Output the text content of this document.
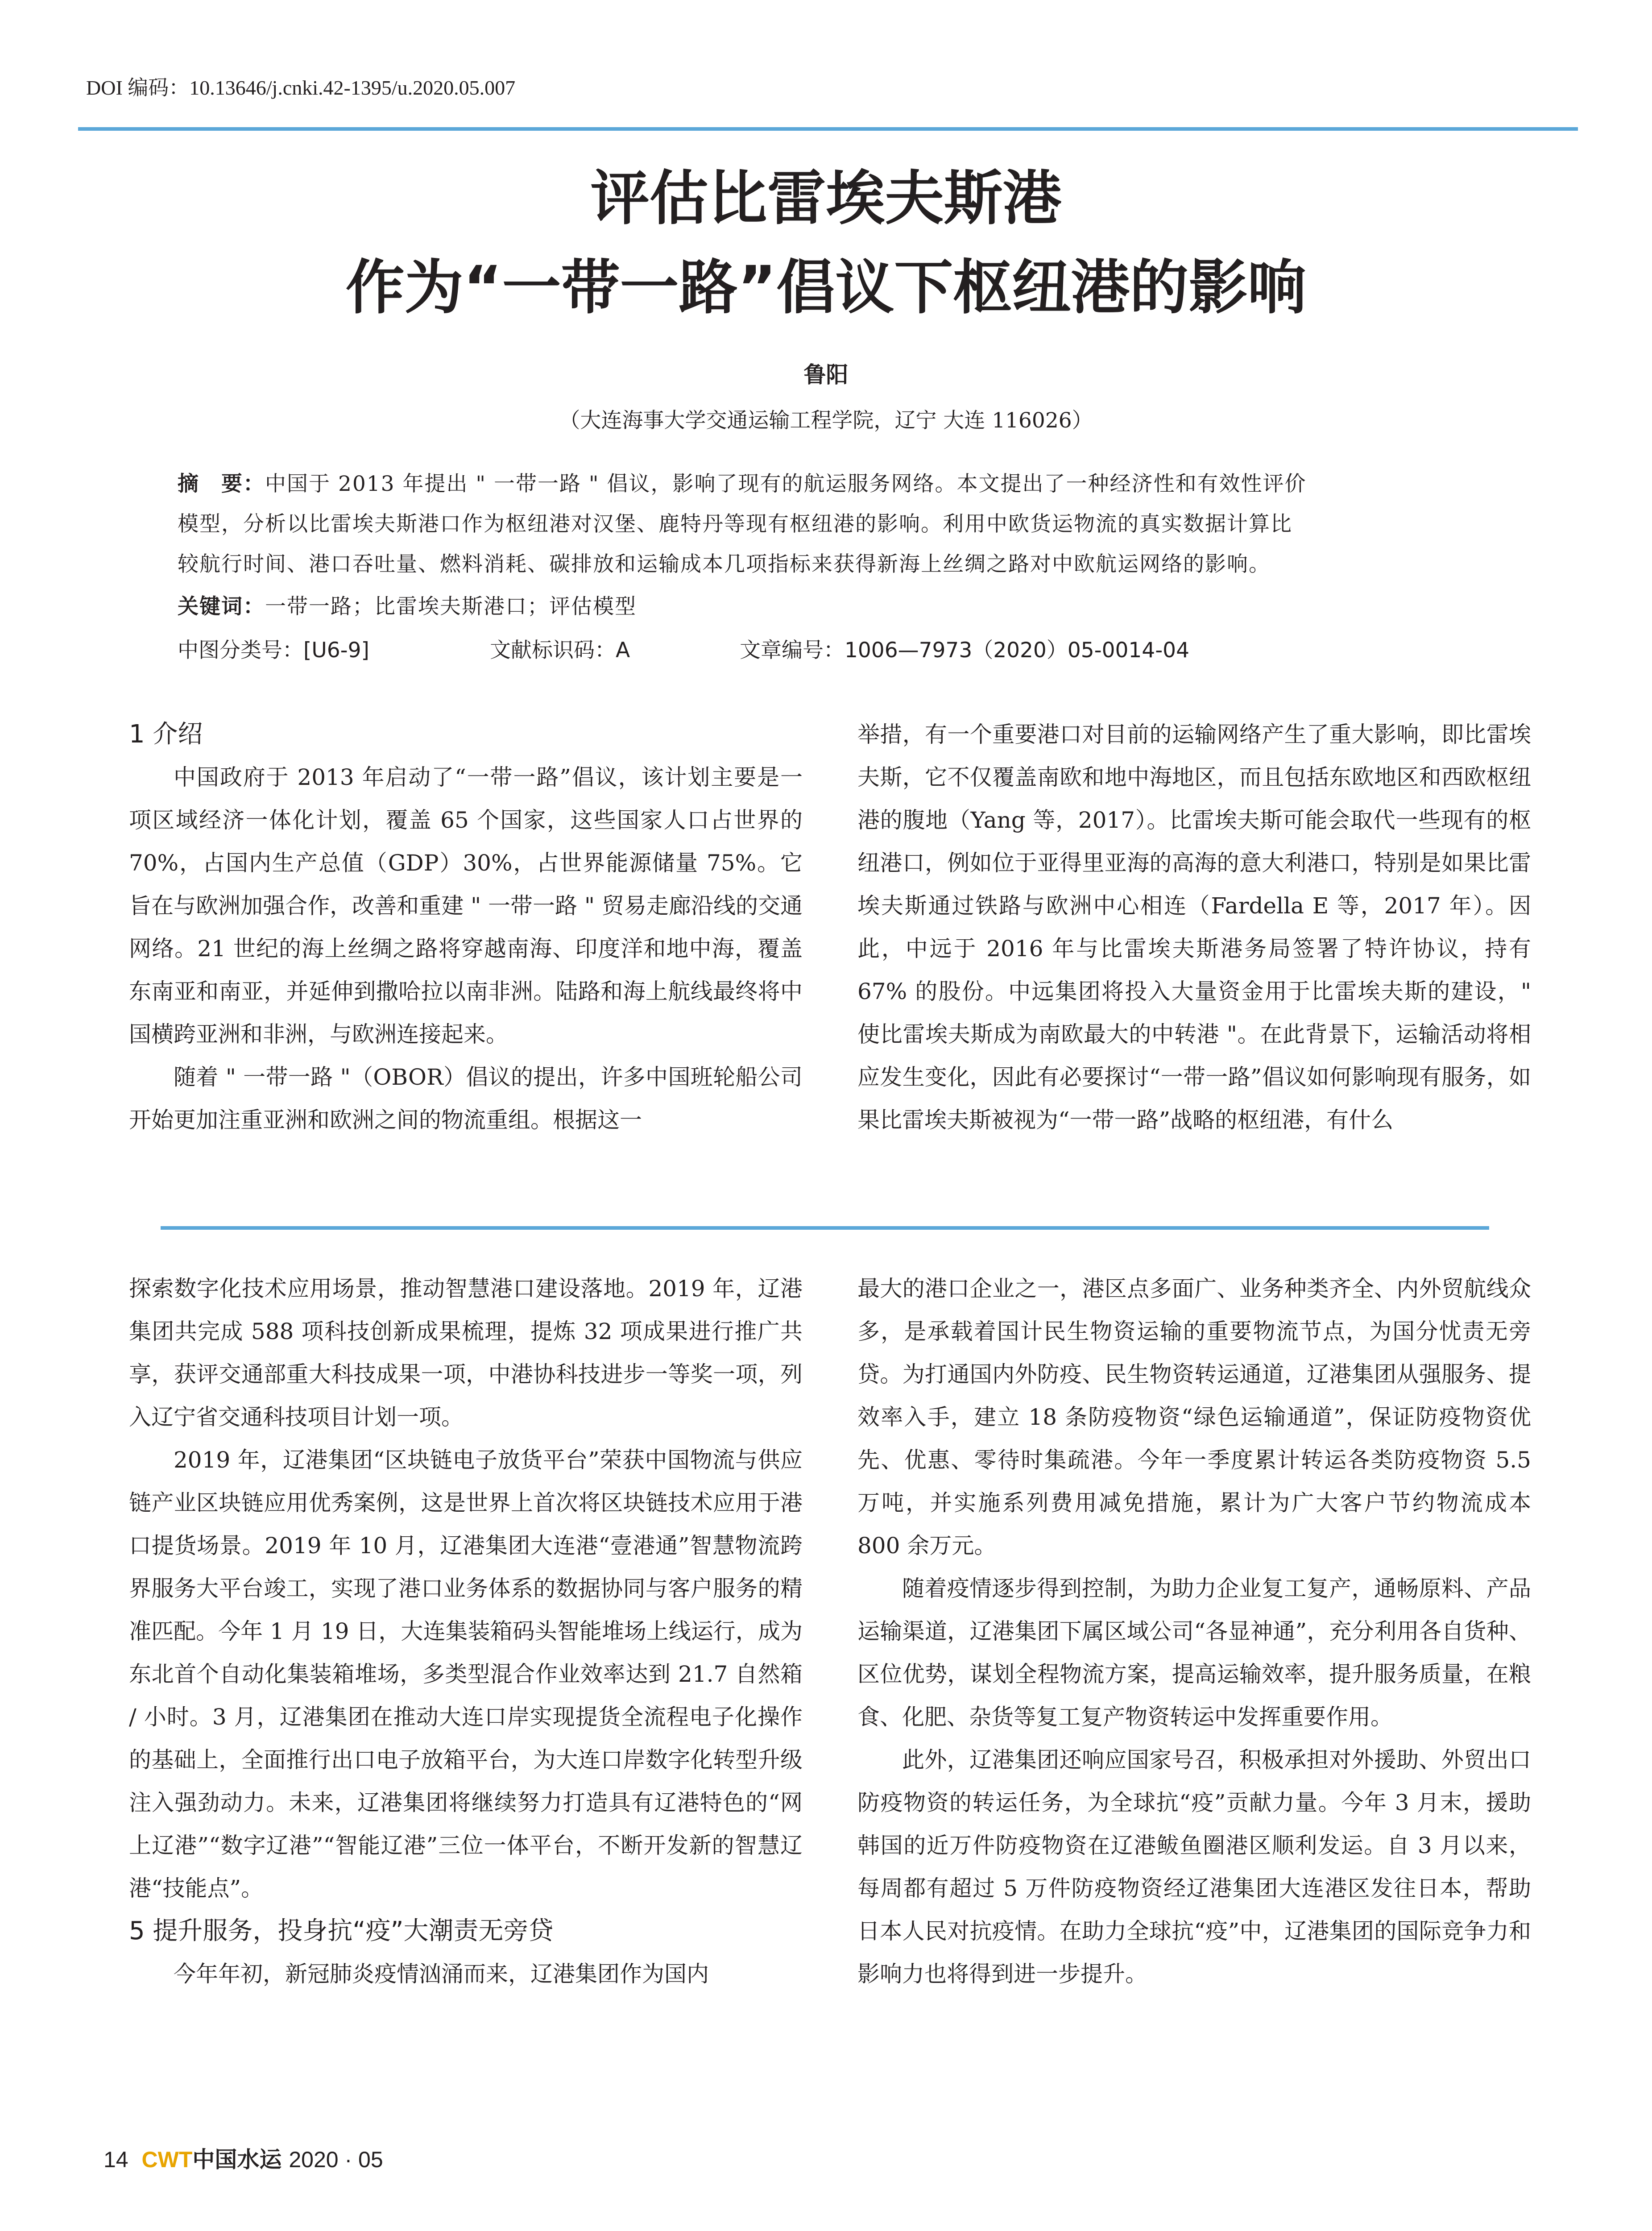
DOI 编码：10.13646/j.cnki.42-1395/u.2020.05.007
评估比雷埃夫斯港
作为“一带一路”倡议下枢纽港的影响
鲁阳
（大连海事大学交通运输工程学院，辽宁 大连 116026）
摘　要：中国于 2013 年提出 " 一带一路 " 倡议，影响了现有的航运服务网络。本文提出了一种经济性和有效性评价
模型，分析以比雷埃夫斯港口作为枢纽港对汉堡、鹿特丹等现有枢纽港的影响。利用中欧货运物流的真实数据计算比
较航行时间、港口吞吐量、燃料消耗、碳排放和运输成本几项指标来获得新海上丝绸之路对中欧航运网络的影响。
关键词：一带一路；比雷埃夫斯港口；评估模型
中图分类号：[U6-9]	文献标识码：A	文章编号：1006—7973（2020）05-0014-04
1 介绍

中国政府于 2013 年启动了“一带一路”倡议，该计划主要是一项区域经济一体化计划，覆盖 65 个国家，这些国家人口占世界的 70%，占国内生产总值（GDP）30%，占世界能源储量 75%。它旨在与欧洲加强合作，改善和重建 " 一带一路 " 贸易走廊沿线的交通网络。21 世纪的海上丝绸之路将穿越南海、印度洋和地中海，覆盖东南亚和南亚，并延伸到撒哈拉以南非洲。陆路和海上航线最终将中国横跨亚洲和非洲，与欧洲连接起来。

随着 " 一带一路 "（OBOR）倡议的提出，许多中国班轮船公司开始更加注重亚洲和欧洲之间的物流重组。根据这一

举措，有一个重要港口对目前的运输网络产生了重大影响，即比雷埃夫斯，它不仅覆盖南欧和地中海地区，而且包括东欧地区和西欧枢纽港的腹地（Yang 等，2017）。比雷埃夫斯可能会取代一些现有的枢纽港口，例如位于亚得里亚海的高海的意大利港口，特别是如果比雷埃夫斯通过铁路与欧洲中心相连（Fardella E 等，2017 年）。因此，中远于 2016 年与比雷埃夫斯港务局签署了特许协议，持有 67% 的股份。中远集团将投入大量资金用于比雷埃夫斯的建设，" 使比雷埃夫斯成为南欧最大的中转港 "。在此背景下，运输活动将相应发生变化，因此有必要探讨“一带一路”倡议如何影响现有服务，如果比雷埃夫斯被视为“一带一路”战略的枢纽港，有什么

探索数字化技术应用场景，推动智慧港口建设落地。2019 年，辽港集团共完成 588 项科技创新成果梳理，提炼 32 项成果进行推广共享，获评交通部重大科技成果一项，中港协科技进步一等奖一项，列入辽宁省交通科技项目计划一项。

2019 年，辽港集团“区块链电子放货平台”荣获中国物流与供应链产业区块链应用优秀案例，这是世界上首次将区块链技术应用于港口提货场景。2019 年 10 月，辽港集团大连港“壹港通”智慧物流跨界服务大平台竣工，实现了港口业务体系的数据协同与客户服务的精准匹配。今年 1 月 19 日，大连集装箱码头智能堆场上线运行，成为东北首个自动化集装箱堆场，多类型混合作业效率达到 21.7 自然箱 / 小时。3 月，辽港集团在推动大连口岸实现提货全流程电子化操作的基础上，全面推行出口电子放箱平台，为大连口岸数字化转型升级注入强劲动力。未来，辽港集团将继续努力打造具有辽港特色的“网上辽港”“数字辽港”“智能辽港”三位一体平台，不断开发新的智慧辽港“技能点”。

5 提升服务，投身抗“疫”大潮责无旁贷

今年年初，新冠肺炎疫情汹涌而来，辽港集团作为国内

最大的港口企业之一，港区点多面广、业务种类齐全、内外贸航线众多，是承载着国计民生物资运输的重要物流节点，为国分忧责无旁贷。为打通国内外防疫、民生物资转运通道，辽港集团从强服务、提效率入手，建立 18 条防疫物资“绿色运输通道”，保证防疫物资优先、优惠、零待时集疏港。今年一季度累计转运各类防疫物资 5.5 万吨，并实施系列费用减免措施，累计为广大客户节约物流成本 800 余万元。

随着疫情逐步得到控制，为助力企业复工复产，通畅原料、产品运输渠道，辽港集团下属区域公司“各显神通”，充分利用各自货种、区位优势，谋划全程物流方案，提高运输效率，提升服务质量，在粮食、化肥、杂货等复工复产物资转运中发挥重要作用。

此外，辽港集团还响应国家号召，积极承担对外援助、外贸出口防疫物资的转运任务，为全球抗“疫”贡献力量。今年 3 月末，援助韩国的近万件防疫物资在辽港鲅鱼圈港区顺利发运。自 3 月以来，每周都有超过 5 万件防疫物资经辽港集团大连港区发往日本，帮助日本人民对抗疫情。在助力全球抗“疫”中，辽港集团的国际竞争力和影响力也将得到进一步提升。

14 CWT中国水运 2020 · 05
